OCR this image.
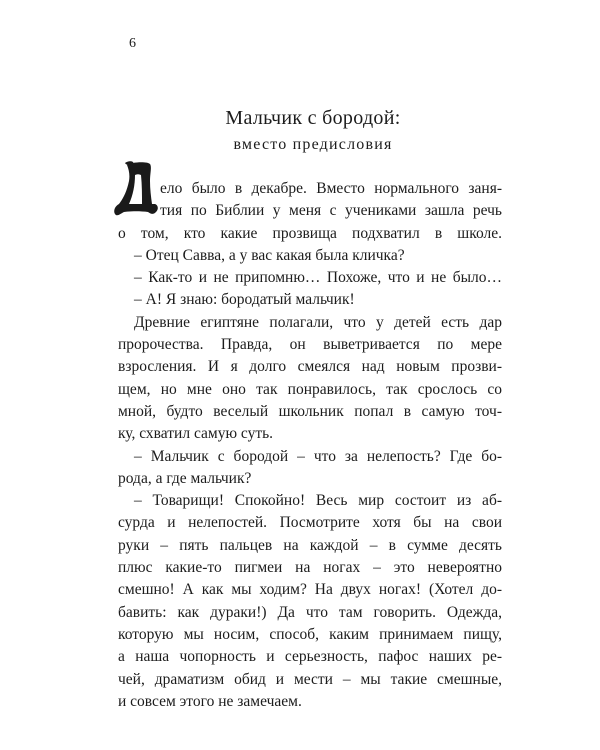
6
Мальчик с бородой:
вместо предисловия
ело было в декабре. Вместо нормального заня-
тия по Библии у меня с учениками зашла речь
о том, кто какие прозвища подхватил в школе.
– Отец Савва, а у вас какая была кличка?
– Как-то и не припомню… Похоже, что и не было…
– А! Я знаю: бородатый мальчик!
Древние египтяне полагали, что у детей есть дар
пророчества. Правда, он выветривается по мере
взросления. И я долго смеялся над новым прозви-
щем, но мне оно так понравилось, так срослось со
мной, будто веселый школьник попал в самую точ-
ку, схватил самую суть.
– Мальчик с бородой – что за нелепость? Где бо-
рода, а где мальчик?
– Товарищи! Спокойно! Весь мир состоит из аб-
сурда и нелепостей. Посмотрите хотя бы на свои
руки – пять пальцев на каждой – в сумме десять
плюс какие-то пигмеи на ногах – это невероятно
смешно! А как мы ходим? На двух ногах! (Хотел до-
бавить: как дураки!) Да что там говорить. Одежда,
которую мы носим, способ, каким принимаем пищу,
а наша чопорность и серьезность, пафос наших ре-
чей, драматизм обид и мести – мы такие смешные,
и совсем этого не замечаем.
